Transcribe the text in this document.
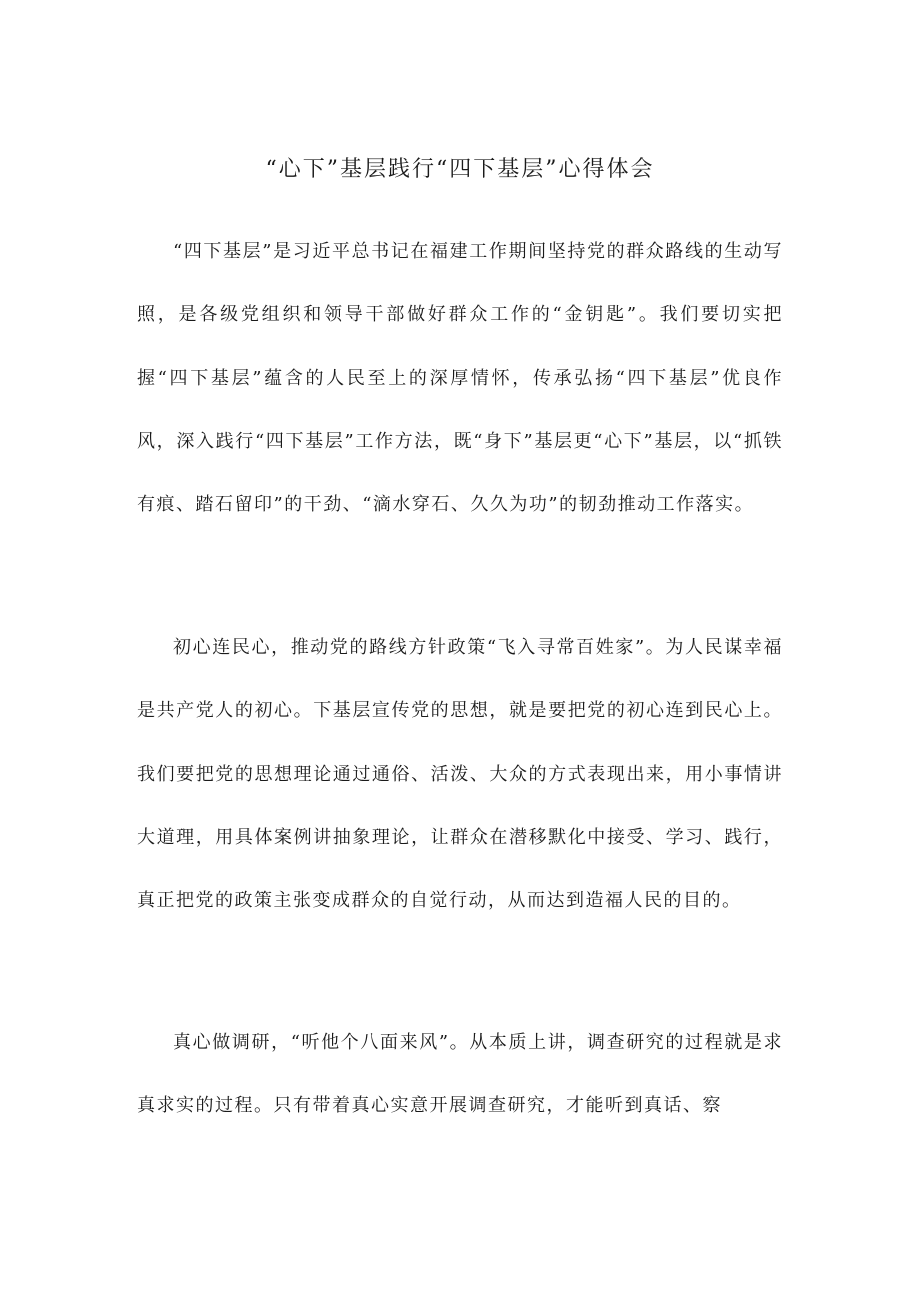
“心下”基层践行“四下基层”心得体会

“四下基层”是习近平总书记在福建工作期间坚持党的群众路线的生动写照，是各级党组织和领导干部做好群众工作的“金钥匙”。我们要切实把握“四下基层”蕴含的人民至上的深厚情怀，传承弘扬“四下基层”优良作风，深入践行“四下基层”工作方法，既“身下”基层更“心下”基层，以“抓铁有痕、踏石留印”的干劲、“滴水穿石、久久为功”的韧劲推动工作落实。

初心连民心，推动党的路线方针政策“飞入寻常百姓家”。为人民谋幸福是共产党人的初心。下基层宣传党的思想，就是要把党的初心连到民心上。我们要把党的思想理论通过通俗、活泼、大众的方式表现出来，用小事情讲大道理，用具体案例讲抽象理论，让群众在潜移默化中接受、学习、践行，真正把党的政策主张变成群众的自觉行动，从而达到造福人民的目的。

真心做调研，“听他个八面来风”。从本质上讲，调查研究的过程就是求真求实的过程。只有带着真心实意开展调查研究，才能听到真话、察
